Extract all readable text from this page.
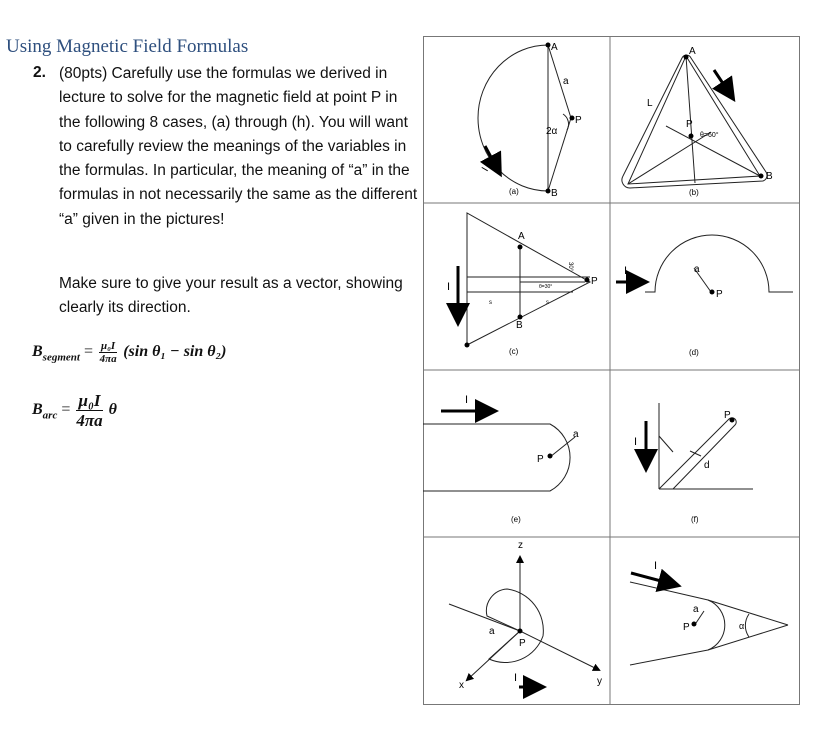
Using Magnetic Field Formulas
2. (80pts) Carefully use the formulas we derived in lecture to solve for the magnetic field at point P in the following 8 cases, (a) through (h). You will want to carefully review the meanings of the variables in the formulas. In particular, the meaning of “a” in the formulas in not necessarily the same as the different “a” given in the pictures!
Make sure to give your result as a vector, showing clearly its direction.
$B_{segment} = \frac{\text{μ₀I}}{4\pi a} (\sin$ θ₁ − sin θ₂)
$B_{arc} = \frac{\text{μ₀I}}{4\pi a}$ θ
A
B
P
a
2α
I
(a)
A
B
P
L
I
θ=60°
(b)
A
B
P
I	θ=30°
30°
s	s
(c)
I	a
P
(d)
I
a
P
(e)
I
d
P
(f)
z
x	y
a
P
I
I
a
P	α
